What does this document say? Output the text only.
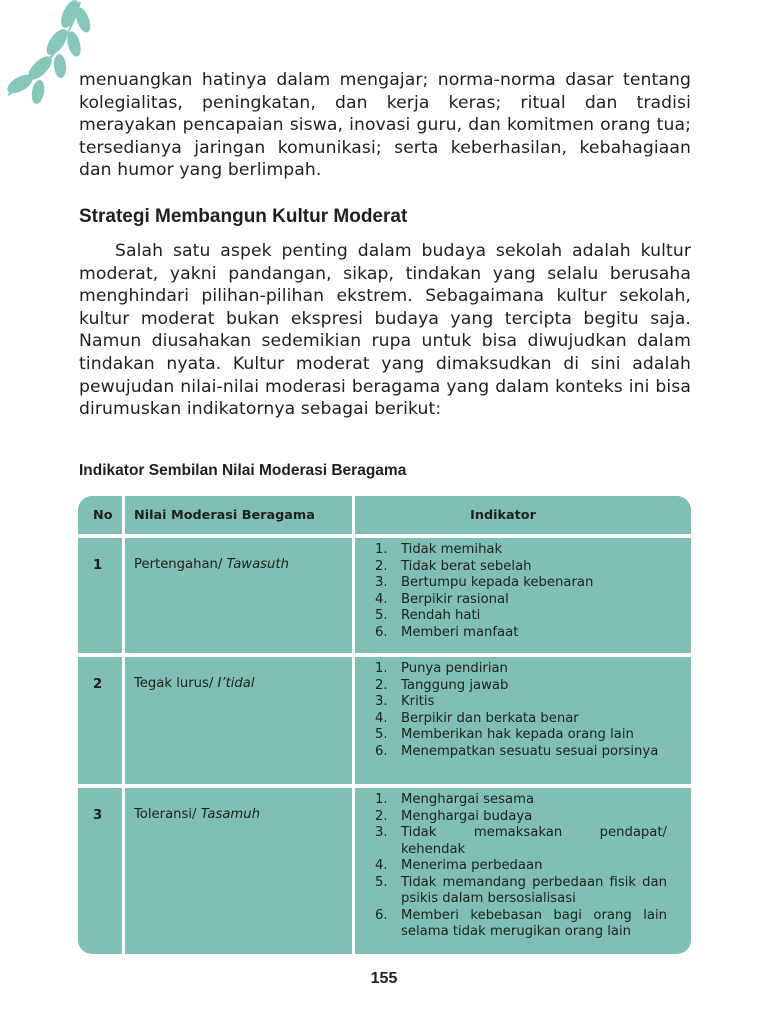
menuangkan hatinya dalam mengajar; norma-norma dasar tentang kolegialitas, peningkatan, dan kerja keras; ritual dan tradisi merayakan pencapaian siswa, inovasi guru, dan komitmen orang tua; tersedianya jaringan komunikasi; serta keberhasilan, kebahagiaan dan humor yang berlimpah.

Strategi Membangun Kultur Moderat

Salah satu aspek penting dalam budaya sekolah adalah kultur moderat, yakni pandangan, sikap, tindakan yang selalu berusaha menghindari pilihan-pilihan ekstrem. Sebagaimana kultur sekolah, kultur moderat bukan ekspresi budaya yang tercipta begitu saja. Namun diusahakan sedemikian rupa untuk bisa diwujudkan dalam tindakan nyata. Kultur moderat yang dimaksudkan di sini adalah pewujudan nilai-nilai moderasi beragama yang dalam konteks ini bisa dirumuskan indikatornya sebagai berikut:

Indikator Sembilan Nilai Moderasi Beragama
No	Nilai Moderasi Beragama	Indikator
1	Pertengahan/ Tawasuth
1.	Tidak memihak
2.	Tidak berat sebelah
3.	Bertumpu kepada kebenaran
4.	Berpikir rasional
5.	Rendah hati
6.	Memberi manfaat
2	Tegak lurus/ I’tidal
1.	Punya pendirian
2.	Tanggung jawab
3.	Kritis
4.	Berpikir dan berkata benar
5.	Memberikan hak kepada orang lain
6.	Menempatkan sesuatu sesuai porsinya
3	Toleransi/ Tasamuh
1.	Menghargai sesama
2.	Menghargai budaya
3.	Tidak memaksakan pendapat/ kehendak
4.	Menerima perbedaan
5.	Tidak memandang perbedaan fisik dan psikis dalam bersosialisasi
6.	Memberi kebebasan bagi orang lain selama tidak merugikan orang lain
155
